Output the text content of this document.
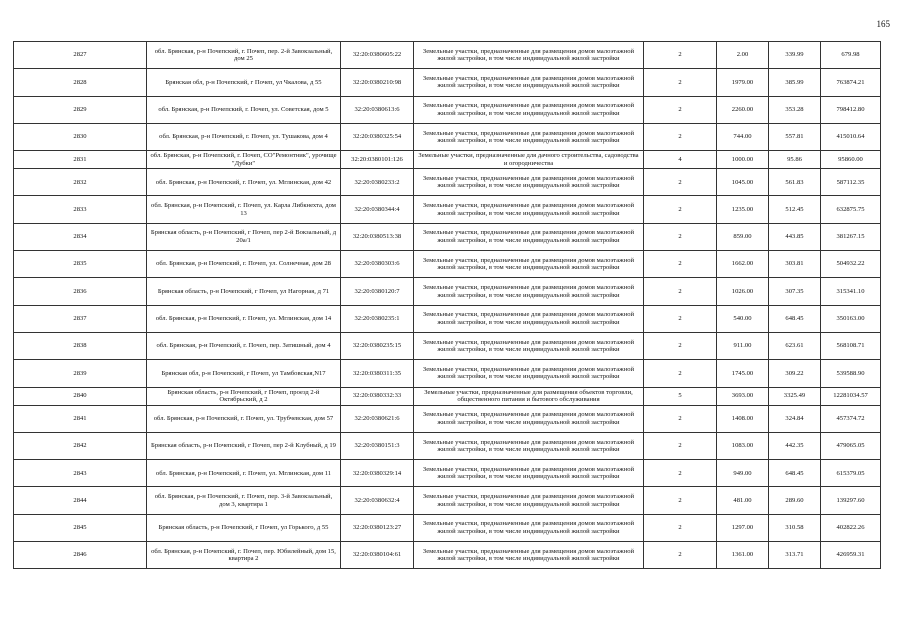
165
2827	обл. Брянская, р-н Почепский, г. Почеп, пер. 2-й Завокзальный, дом 25	32:20:0380605:22	Земельные участки, предназначенные для размещения домов малоэтажной жилой застройки, в том числе индивидуальной жилой застройки	2	2.00	339.99	679.98
2828	Брянская обл, р-н Почепский, г Почеп, ул Чкалова, д 55	32:20:0380210:98	Земельные участки, предназначенные для размещения домов малоэтажной жилой застройки, в том числе индивидуальной жилой застройки	2	1979.00	385.99	763874.21
2829	обл. Брянская, р-н Почепский, г. Почеп, ул. Советская, дом 5	32:20:0380613:6	Земельные участки, предназначенные для размещения домов малоэтажной жилой застройки, в том числе индивидуальной жилой застройки	2	2260.00	353.28	798412.80
2830	обл. Брянская, р-н Почепский, г. Почеп, ул. Тушакова, дом 4	32:20:0380325:54	Земельные участки, предназначенные для размещения домов малоэтажной жилой застройки, в том числе индивидуальной жилой застройки	2	744.00	557.81	415010.64
2831	обл. Брянская, р-н Почепский, г. Почеп, СО"Ремонтник", урочище "Дубки"	32:20:0380101:126	Земельные участки, предназначенные для дачного строительства, садоводства и огородничества	4	1000.00	95.86	95860.00
2832	обл. Брянская, р-н Почепский, г. Почеп, ул. Мглинская, дом 42	32:20:0380233:2	Земельные участки, предназначенные для размещения домов малоэтажной жилой застройки, в том числе индивидуальной жилой застройки	2	1045.00	561.83	587112.35
2833	обл. Брянская, р-н Почепский, г. Почеп, ул. Карла Либкнехта, дом 13	32:20:0380344:4	Земельные участки, предназначенные для размещения домов малоэтажной жилой застройки, в том числе индивидуальной жилой застройки	2	1235.00	512.45	632875.75
2834	Брянская область, р-н Почепский, г Почеп, пер 2-й Вокзальный, д 20а/1	32:20:0380513:38	Земельные участки, предназначенные для размещения домов малоэтажной жилой застройки, в том числе индивидуальной жилой застройки	2	859.00	443.85	381267.15
2835	обл. Брянская, р-н Почепский, г. Почеп, ул. Солнечная, дом 28	32:20:0380303:6	Земельные участки, предназначенные для размещения домов малоэтажной жилой застройки, в том числе индивидуальной жилой застройки	2	1662.00	303.81	504932.22
2836	Брянская область, р-н Почепский, г Почеп, ул Нагорная, д 71	32:20:0380120:7	Земельные участки, предназначенные для размещения домов малоэтажной жилой застройки, в том числе индивидуальной жилой застройки	2	1026.00	307.35	315341.10
2837	обл. Брянская, р-н Почепский, г. Почеп, ул. Мглинская, дом 14	32:20:0380235:1	Земельные участки, предназначенные для размещения домов малоэтажной жилой застройки, в том числе индивидуальной жилой застройки	2	540.00	648.45	350163.00
2838	обл. Брянская, р-н Почепский, г. Почеп, пер. Затишный, дом 4	32:20:0380235:15	Земельные участки, предназначенные для размещения домов малоэтажной жилой застройки, в том числе индивидуальной жилой застройки	2	911.00	623.61	568108.71
2839	Брянская обл, р-н Почепский, г Почеп, ул Тамбовская,N17	32:20:0380311:35	Земельные участки, предназначенные для размещения домов малоэтажной жилой застройки, в том числе индивидуальной жилой застройки	2	1745.00	309.22	539588.90
2840	Брянская область, р-н Почепский, г Почеп, проезд 2-й Октябрьский, д 2	32:20:0380332:33	Земельные участки, предназначенные для размещения объектов торговли, общественного питания и бытового обслуживания	5	3693.00	3325.49	12281034.57
2841	обл. Брянская, р-н Почепский, г. Почеп, ул. Трубчевская, дом 57	32:20:0380621:6	Земельные участки, предназначенные для размещения домов малоэтажной жилой застройки, в том числе индивидуальной жилой застройки	2	1408.00	324.84	457374.72
2842	Брянская область, р-н Почепский, г Почеп, пер 2-й Клубный, д 19	32:20:0380151:3	Земельные участки, предназначенные для размещения домов малоэтажной жилой застройки, в том числе индивидуальной жилой застройки	2	1083.00	442.35	479065.05
2843	обл. Брянская, р-н Почепский, г. Почеп, ул. Мглинская, дом 11	32:20:0380329:14	Земельные участки, предназначенные для размещения домов малоэтажной жилой застройки, в том числе индивидуальной жилой застройки	2	949.00	648.45	615379.05
2844	обл. Брянская, р-н Почепский, г. Почеп, пер. 3-й Завокзальный, дом 3, квартира 1	32:20:0380632:4	Земельные участки, предназначенные для размещения домов малоэтажной жилой застройки, в том числе индивидуальной жилой застройки	2	481.00	289.60	139297.60
2845	Брянская область, р-н Почепский, г Почеп, ул Горького, д 55	32:20:0380123:27	Земельные участки, предназначенные для размещения домов малоэтажной жилой застройки, в том числе индивидуальной жилой застройки	2	1297.00	310.58	402822.26
2846	обл. Брянская, р-н Почепский, г. Почеп, пер. Юбилейный, дом 15, квартира 2	32:20:0380104:61	Земельные участки, предназначенные для размещения домов малоэтажной жилой застройки, в том числе индивидуальной жилой застройки	2	1361.00	313.71	426959.31
